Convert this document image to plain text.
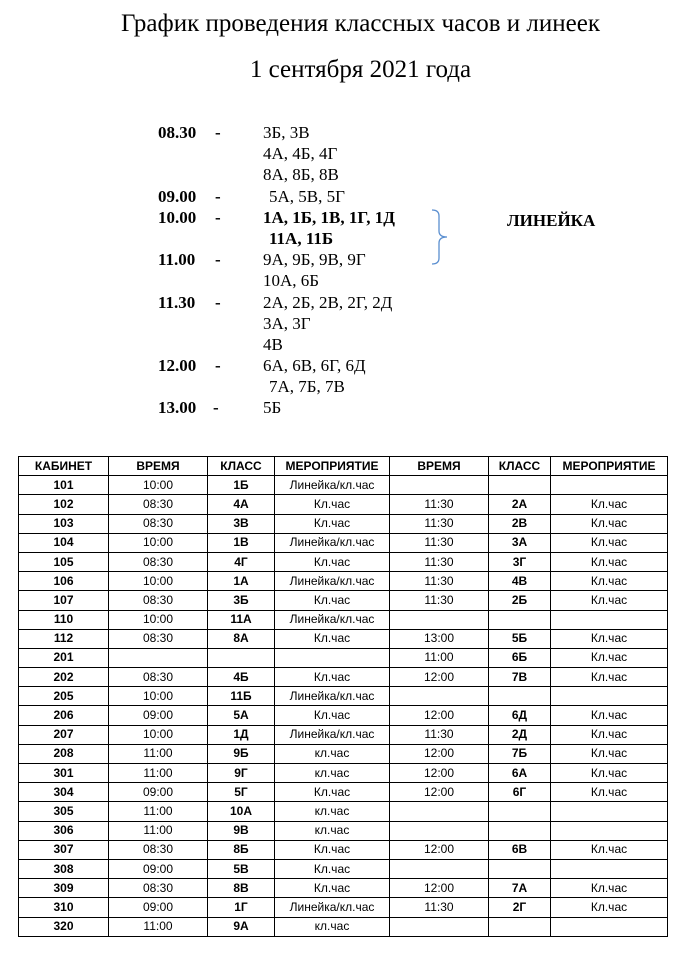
График проведения классных часов и линеек
1 сентября 2021 года
08.30 - 3Б, 3В
4А, 4Б, 4Г
8А, 8Б, 8В
09.00 -	5А, 5В, 5Г
10.00 - 1А, 1Б, 1В, 1Г, 1Д
11А, 11Б
11.00 - 9А, 9Б, 9В, 9Г
10А, 6Б
11.30 - 2А, 2Б, 2В, 2Г, 2Д
3А, 3Г
4В
12.00 - 6А, 6В, 6Г, 6Д
7А, 7Б, 7В
13.00 -	5Б
ЛИНЕЙКА
КАБИНЕТ	ВРЕМЯ	КЛАСС	МЕРОПРИЯТИЕ	ВРЕМЯ	КЛАСС	МЕРОПРИЯТИЕ
101	10:00	1Б	Линейка/кл.час			
102	08:30	4А	Кл.час	11:30	2А	Кл.час
103	08:30	3В	Кл.час	11:30	2В	Кл.час
104	10:00	1В	Линейка/кл.час	11:30	3А	Кл.час
105	08:30	4Г	Кл.час	11:30	3Г	Кл.час
106	10:00	1А	Линейка/кл.час	11:30	4В	Кл.час
107	08:30	3Б	Кл.час	11:30	2Б	Кл.час
110	10:00	11А	Линейка/кл.час			
112	08:30	8А	Кл.час	13:00	5Б	Кл.час
201				11:00	6Б	Кл.час
202	08:30	4Б	Кл.час	12:00	7В	Кл.час
205	10:00	11Б	Линейка/кл.час			
206	09:00	5А	Кл.час	12:00	6Д	Кл.час
207	10:00	1Д	Линейка/кл.час	11:30	2Д	Кл.час
208	11:00	9Б	кл.час	12:00	7Б	Кл.час
301	11:00	9Г	кл.час	12:00	6А	Кл.час
304	09:00	5Г	Кл.час	12:00	6Г	Кл.час
305	11:00	10А	кл.час			
306	11:00	9В	кл.час			
307	08:30	8Б	Кл.час	12:00	6В	Кл.час
308	09:00	5В	Кл.час			
309	08:30	8В	Кл.час	12:00	7А	Кл.час
310	09:00	1Г	Линейка/кл.час	11:30	2Г	Кл.час
320	11:00	9А	кл.час			
